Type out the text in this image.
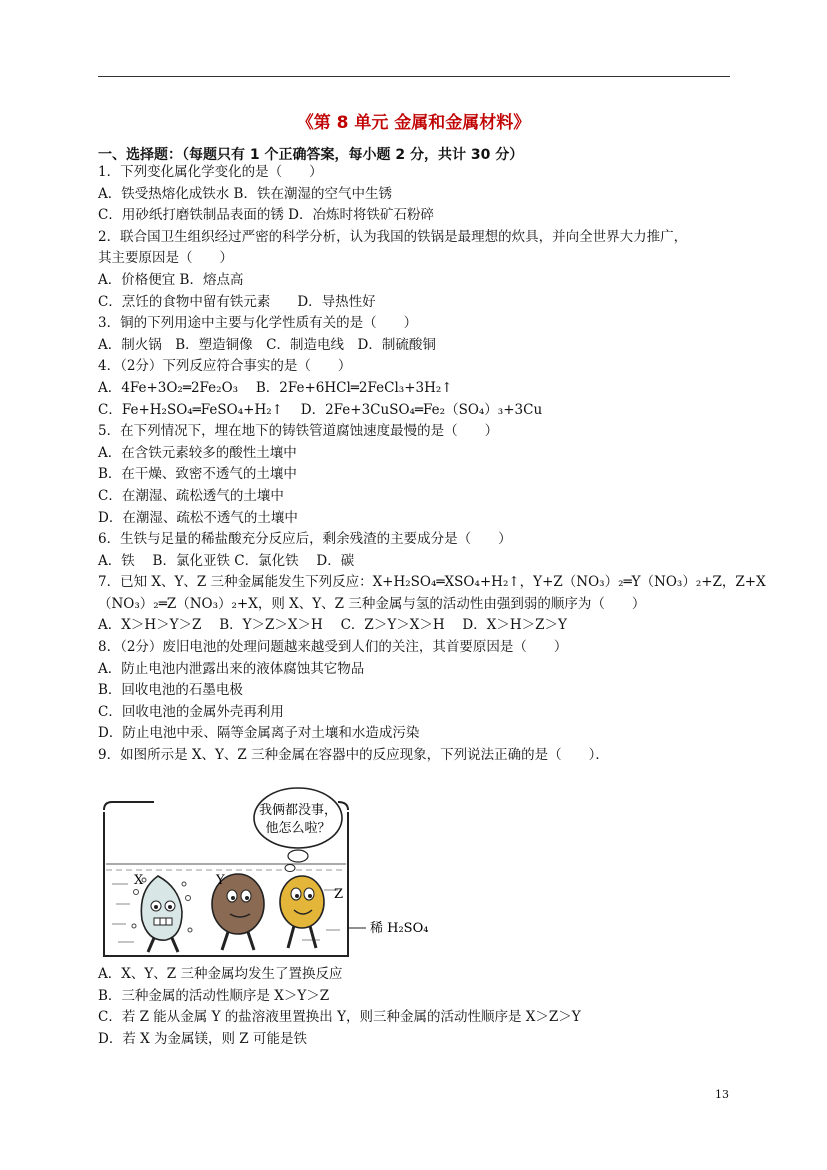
《第 8 单元 金属和金属材料》
一、选择题：（每题只有 1 个正确答案，每小题 2 分，共计 30 分）
1．下列变化属化学变化的是（　　）
A．铁受热熔化成铁水 B．铁在潮湿的空气中生锈
C．用砂纸打磨铁制品表面的锈 D．冶炼时将铁矿石粉碎
2．联合国卫生组织经过严密的科学分析，认为我国的铁锅是最理想的炊具，并向全世界大力推广，
其主要原因是（　　）
A．价格便宜 B．熔点高
C．烹饪的食物中留有铁元素　　D．导热性好
3．铜的下列用途中主要与化学性质有关的是（　　）
A．制火锅　B．塑造铜像　C．制造电线　D．制硫酸铜
4．（2分）下列反应符合事实的是（　　）
A．4Fe+3O₂═2Fe₂O₃　 B．2Fe+6HCl═2FeCl₃+3H₂↑
C．Fe+H₂SO₄═FeSO₄+H₂↑　 D．2Fe+3CuSO₄═Fe₂（SO₄）₃+3Cu
5．在下列情况下，埋在地下的铸铁管道腐蚀速度最慢的是（　　）
A．在含铁元素较多的酸性土壤中
B．在干燥、致密不透气的土壤中
C．在潮湿、疏松透气的土壤中
D．在潮湿、疏松不透气的土壤中
6．生铁与足量的稀盐酸充分反应后，剩余残渣的主要成分是（　　）
A．铁　 B．氯化亚铁 C．氯化铁　 D．碳
7．已知 X、Y、Z 三种金属能发生下列反应：X+H₂SO₄═XSO₄+H₂↑，Y+Z（NO₃）₂═Y（NO₃）₂+Z，Z+X
（NO₃）₂═Z（NO₃）₂+X，则 X、Y、Z 三种金属与氢的活动性由强到弱的顺序为（　　）
A．X＞H＞Y＞Z　 B．Y＞Z＞X＞H　 C．Z＞Y＞X＞H　 D．X＞H＞Z＞Y
8．（2分）废旧电池的处理问题越来越受到人们的关注，其首要原因是（　　）
A．防止电池内泄露出来的液体腐蚀其它物品
B．回收电池的石墨电极
C．回收电池的金属外壳再利用
D．防止电池中汞、隔等金属离子对土壤和水造成污染
9．如图所示是 X、Y、Z 三种金属在容器中的反应现象，下列说法正确的是（　　）．
我俩都没事，
他怎么啦？
X	Y
Z
稀 H₂SO₄
A．X、Y、Z 三种金属均发生了置换反应
B．三种金属的活动性顺序是 X＞Y＞Z
C．若 Z 能从金属 Y 的盐溶液里置换出 Y，则三种金属的活动性顺序是 X＞Z＞Y
D．若 X 为金属镁，则 Z 可能是铁
13
